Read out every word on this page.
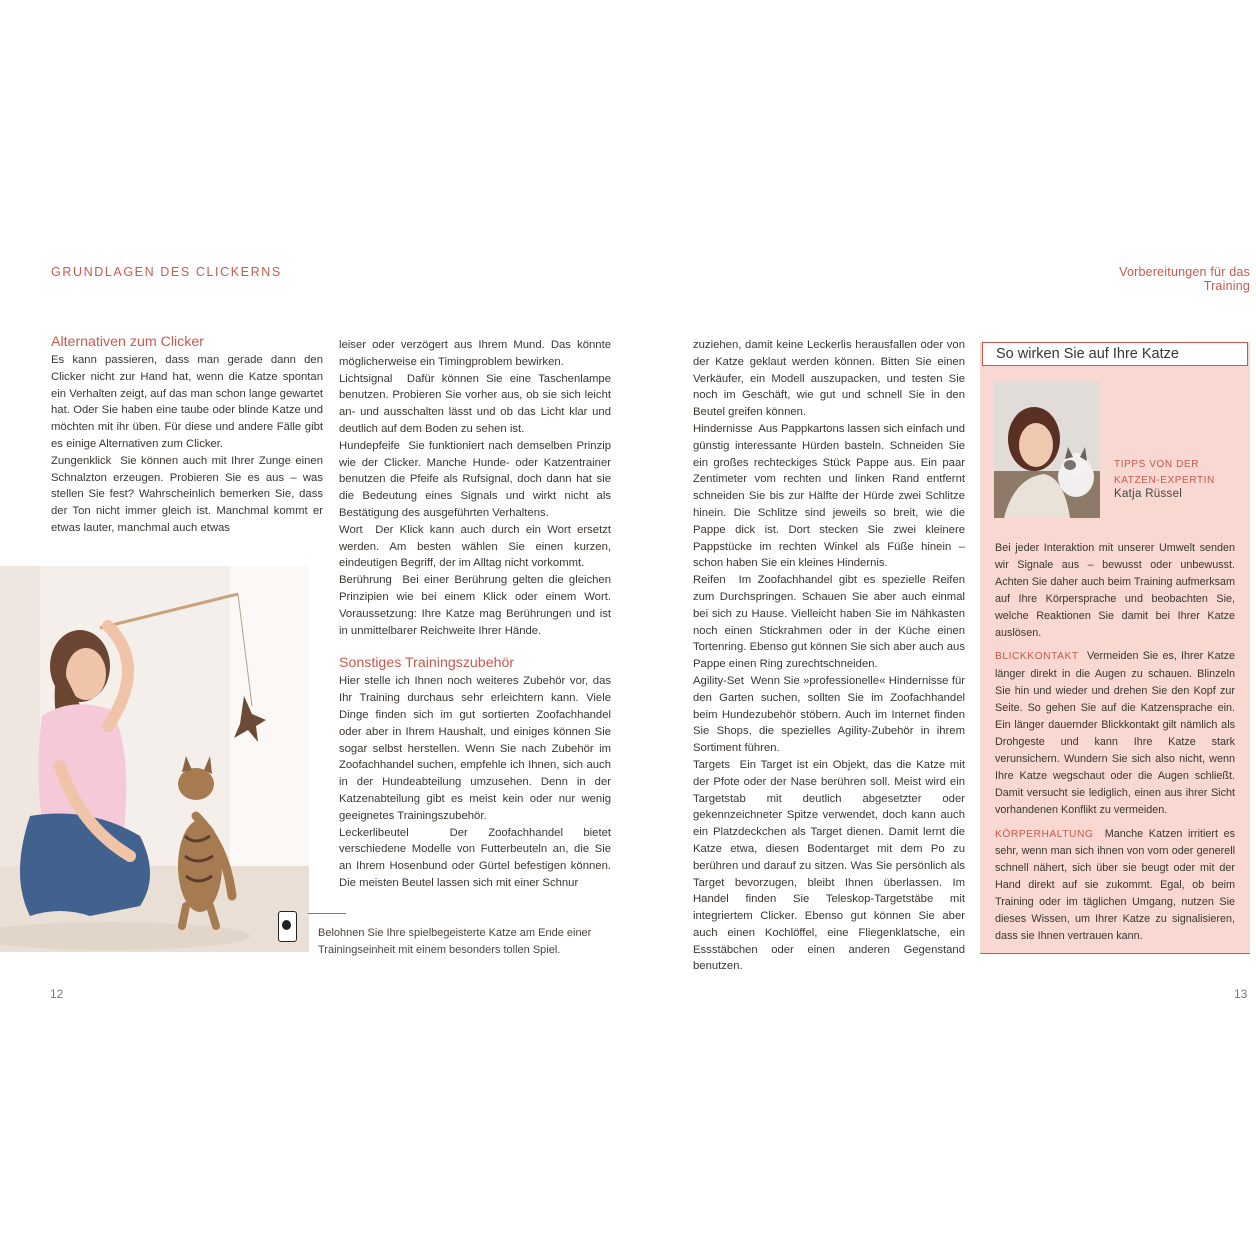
GRUNDLAGEN DES CLICKERNS
Alternativen zum Clicker

Es kann passieren, dass man gerade dann den Clicker nicht zur Hand hat, wenn die Katze spontan ein Verhalten zeigt, auf das man schon lange gewartet hat. Oder Sie haben eine taube oder blinde Katze und möchten mit ihr üben. Für diese und andere Fälle gibt es einige Alternativen zum Clicker.

Zungenklick Sie können auch mit Ihrer Zunge einen Schnalzton erzeugen. Probieren Sie es aus – was stellen Sie fest? Wahrscheinlich bemerken Sie, dass der Ton nicht immer gleich ist. Manchmal kommt er etwas lauter, manchmal auch etwas

leiser oder verzögert aus Ihrem Mund. Das könnte möglicherweise ein Timingproblem bewirken.

Lichtsignal Dafür können Sie eine Taschenlampe benutzen. Probieren Sie vorher aus, ob sie sich leicht an- und ausschalten lässt und ob das Licht klar und deutlich auf dem Boden zu sehen ist.

Hundepfeife Sie funktioniert nach demselben Prinzip wie der Clicker. Manche Hunde- oder Katzentrainer benutzen die Pfeife als Rufsignal, doch dann hat sie die Bedeutung eines Signals und wirkt nicht als Bestätigung des ausgeführten Verhaltens.

Wort Der Klick kann auch durch ein Wort ersetzt werden. Am besten wählen Sie einen kurzen, eindeutigen Begriff, der im Alltag nicht vorkommt.

Berührung Bei einer Berührung gelten die gleichen Prinzipien wie bei einem Klick oder einem Wort. Voraussetzung: Ihre Katze mag Berührungen und ist in unmittelbarer Reichweite Ihrer Hände.

Sonstiges Trainingszubehör

Hier stelle ich Ihnen noch weiteres Zubehör vor, das Ihr Training durchaus sehr erleichtern kann. Viele Dinge finden sich im gut sortierten Zoofachhandel oder aber in Ihrem Haushalt, und einiges können Sie sogar selbst herstellen. Wenn Sie nach Zubehör im Zoofachhandel suchen, empfehle ich Ihnen, sich auch in der Hundeabteilung umzusehen. Denn in der Katzenabteilung gibt es meist kein oder nur wenig geeignetes Trainingszubehör.

Leckerlibeutel	Der Zoofachhandel bietet verschiedene Modelle von Futterbeuteln an, die Sie an Ihrem Hosenbund oder Gürtel befestigen können. Die meisten Beutel lassen sich mit einer Schnur

Belohnen Sie Ihre spielbegeisterte Katze am Ende einer Trainingseinheit mit einem besonders tollen Spiel.
12
Vorbereitungen für das Training

zuziehen, damit keine Leckerlis herausfallen oder von der Katze geklaut werden können. Bitten Sie einen Verkäufer, ein Modell auszupacken, und testen Sie noch im Geschäft, wie gut und schnell Sie in den Beutel greifen können.

Hindernisse Aus Pappkartons lassen sich einfach und günstig interessante Hürden basteln. Schneiden Sie ein großes rechteckiges Stück Pappe aus. Ein paar Zentimeter vom rechten und linken Rand entfernt schneiden Sie bis zur Hälfte der Hürde zwei Schlitze hinein. Die Schlitze sind jeweils so breit, wie die Pappe dick ist. Dort stecken Sie zwei kleinere Pappstücke im rechten Winkel als Füße hinein – schon haben Sie ein kleines Hindernis.

Reifen Im Zoofachhandel gibt es spezielle Reifen zum Durchspringen. Schauen Sie aber auch einmal bei sich zu Hause. Vielleicht haben Sie im Nähkasten noch einen Stickrahmen oder in der Küche einen Tortenring. Ebenso gut können Sie sich aber auch aus Pappe einen Ring zurechtschneiden.

Agility-Set Wenn Sie »professionelle« Hindernisse für den Garten suchen, sollten Sie im Zoofachhandel beim Hundezubehör stöbern. Auch im Internet finden Sie Shops, die spezielles Agility-Zubehör in ihrem Sortiment führen.

Targets Ein Target ist ein Objekt, das die Katze mit der Pfote oder der Nase berühren soll. Meist wird ein Targetstab mit deutlich abgesetzter oder gekennzeichneter Spitze verwendet, doch kann auch ein Platzdeckchen als Target dienen. Damit lernt die Katze etwa, diesen Bodentarget mit dem Po zu berühren und darauf zu sitzen. Was Sie persönlich als Target bevorzugen, bleibt Ihnen überlassen. Im Handel finden Sie Teleskop-Targetstäbe mit integriertem Clicker. Ebenso gut können Sie aber auch einen Kochlöffel, eine Fliegenklatsche, ein Essstäbchen oder einen anderen Gegenstand benutzen.

So wirken Sie auf Ihre Katze
TIPPS VON DER
KATZEN-EXPERTIN
Katja Rüssel

Bei jeder Interaktion mit unserer Umwelt senden wir Signale aus – bewusst oder unbewusst. Achten Sie daher auch beim Training aufmerksam auf Ihre Körpersprache und beobachten Sie, welche Reaktionen Sie damit bei Ihrer Katze auslösen.

BLICKKONTAKT Vermeiden Sie es, Ihrer Katze länger direkt in die Augen zu schauen. Blinzeln Sie hin und wieder und drehen Sie den Kopf zur Seite. So gehen Sie auf die Katzensprache ein. Ein länger dauernder Blickkontakt gilt nämlich als Drohgeste und kann Ihre Katze stark verunsichern. Wundern Sie sich also nicht, wenn Ihre Katze wegschaut oder die Augen schließt. Damit versucht sie lediglich, einen aus ihrer Sicht vorhandenen Konflikt zu vermeiden.

KÖRPERHALTUNG Manche Katzen irritiert es sehr, wenn man sich ihnen von vorn oder generell schnell nähert, sich über sie beugt oder mit der Hand direkt auf sie zukommt. Egal, ob beim Training oder im täglichen Umgang, nutzen Sie dieses Wissen, um Ihrer Katze zu signalisieren, dass sie Ihnen vertrauen kann.

13
